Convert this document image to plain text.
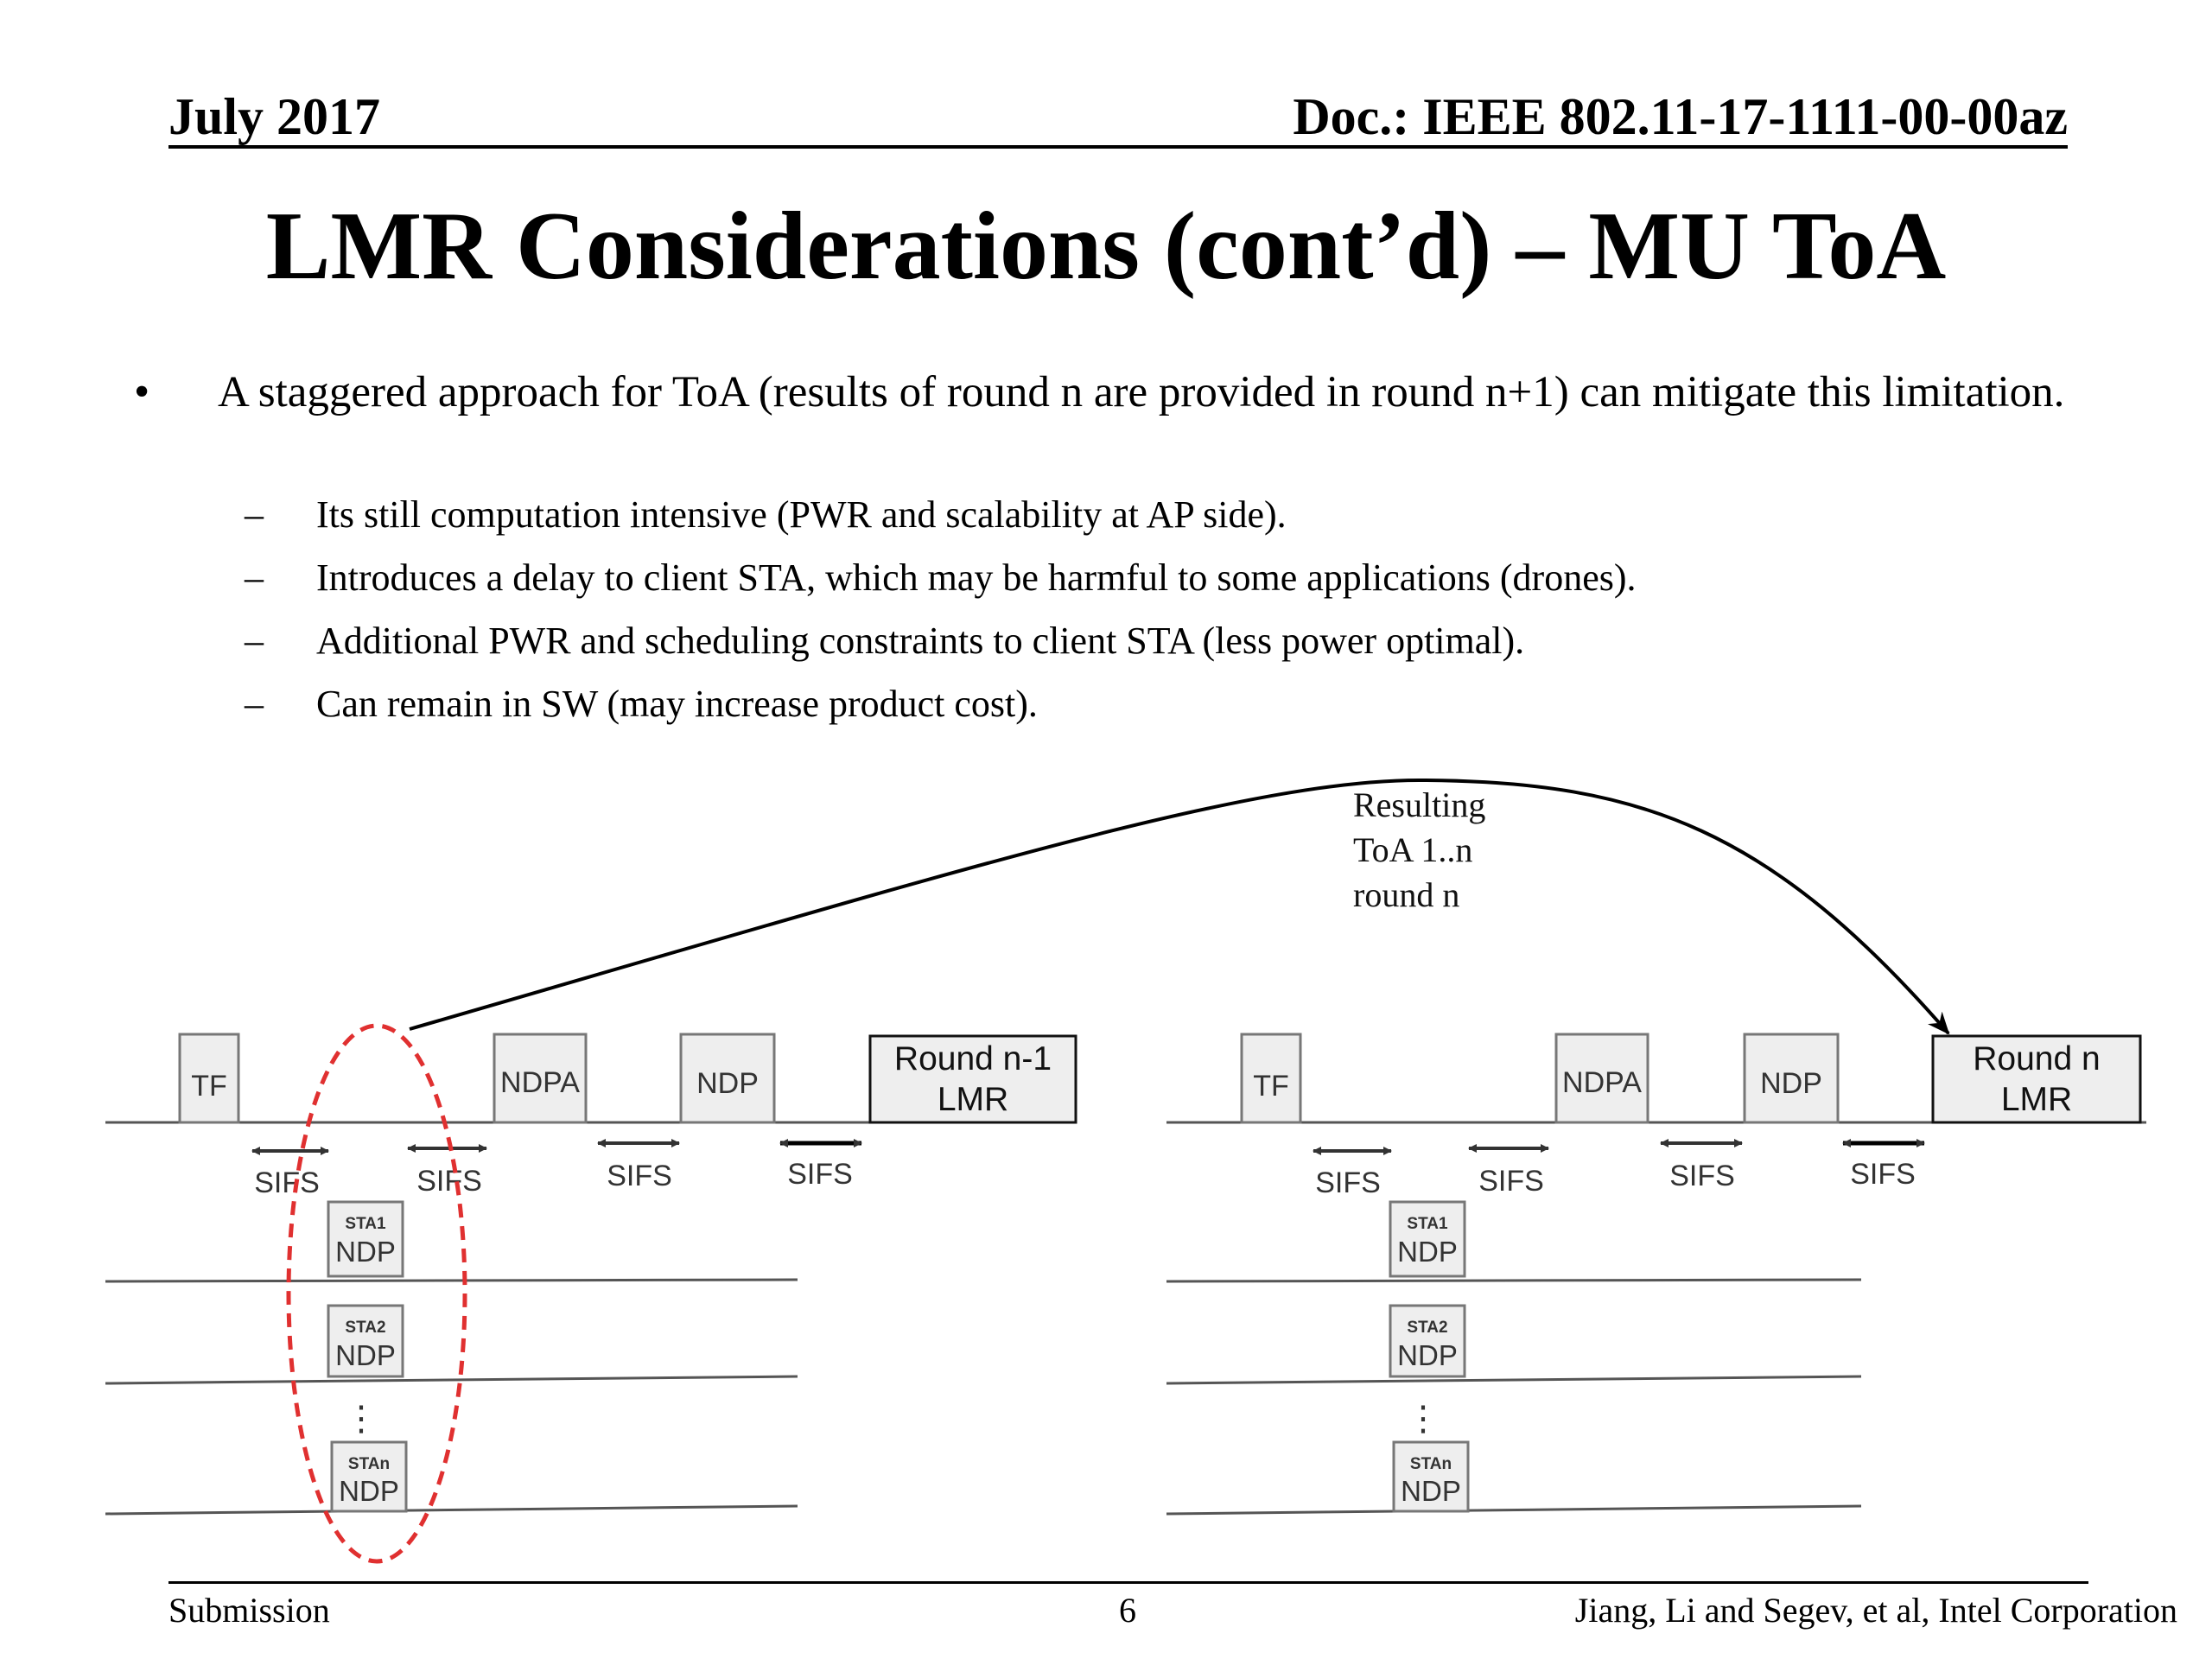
July 2017	Doc.: IEEE 802.11-17-1111-00-00az
LMR Considerations (cont’d) – MU ToA
• A staggered approach for ToA (results of round n are provided in round n+1) can mitigate this limitation.
– Its still computation intensive (PWR and scalability at AP side).
– Introduces a delay to client STA, which may be harmful to some applications (drones).
– Additional PWR and scheduling constraints to client STA (less power optimal).
– Can remain in SW (may increase product cost).
TF	NDPA	NDP
Round n-1
LMR
SIFS	SIFS	SIFS	SIFS
STA1
NDP
STA2
NDP
⋮
STAn
NDP
TF	NDPA	NDP
Round n
LMR
SIFS	SIFS	SIFS	SIFS
STA1
NDP
STA2
NDP
⋮
STAn
NDP
Resulting
ToA 1..n
round n
Submission	6	Jiang, Li and Segev, et al, Intel Corporation
